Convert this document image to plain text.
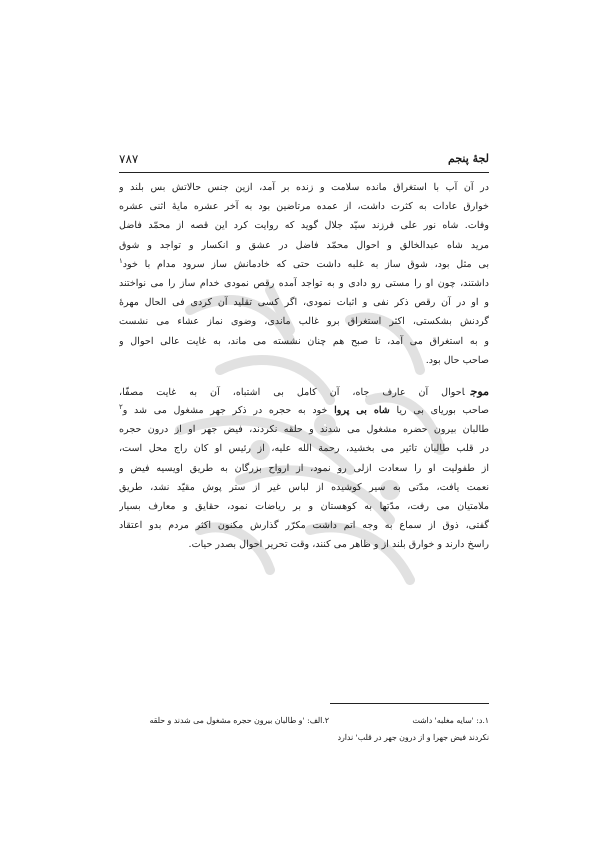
لجۀ پنجم
۷۸۷
در آن آب با استغراق مانده سلامت و زنده بر آمد، ازین جنس حالاتش بس بلند و
خوارق عادات به کثرت داشت، از عمده مرتاضین بود به آخر عشره مایۀ اثنی عشره
وفات. شاه نور علی فرزند سیّد جلال گوید که روایت کرد این قصه از محمّد فاضل
مرید شاه عبدالخالق و احوال محمّد فاضل در عشق و انکسار و تواجد و شوق
بی مثل بود، شوق ساز به غلبه داشت حتی که خادمانش ساز سرود مدام با خود$^۱$
داشتند، چون او را مستی رو دادی و به تواجد آمده رقص نمودی خدام ساز را می نواختند
و او در آن رقص ذکر نفی و اثبات نمودی، اگر کسی تقلید آن کردی فی الحال مهرۀ
گردنش بشکستی، اکثر استغراق برو غالب ماندی، وضوی نماز عشاء می نشست
و به استغراق می آمد، تا صبح هم چنان نشسته می ماند، به غایت عالی احوال و
صاحب حال بود.
موجاحوال آن عارف جاه، آن کامل بی اشتباه، آن به غایت مصفّا،
صاحب بوریای بی ریا شاه بی پروا خود به حجره در ذکر جهر مشغول می شد و$^۲$
طالبان بیرون حضره مشغول می شدند و حلقه نکردند، فیض جهر او از درون حجره
در قلب طالبان تاثیر می بخشید، رحمة الله علیه، از رئیس او کان راج محل است،
از طفولیت او را سعادت ازلی رو نمود، از ارواح بزرگان به طریق اویسیه فیض و
نعمت یافت، مدّتی به سیر کوشیده از لباس غیر از ستر پوش مقیّد نشد، طریق
ملامتیان می رفت، مدّتها به کوهستان و بر ریاضات نمود، حقایق و معارف بسیار
گفتی، ذوق از سماع به وجه اتم داشت مکرّر گذارش مکنون اکثر مردم بدو اعتقاد
راسخ دارند و خوارق بلند از و ظاهر می کنند، وقت تحریر احوال بصدر حیات.
۱.د: 'سایه مغلبه' داشت۲.الف: 'و طالبان بیرون حجره مشغول می شدند و حلقه
نکردند فیض جهرا و از درون جهر در قلب' ندارد
